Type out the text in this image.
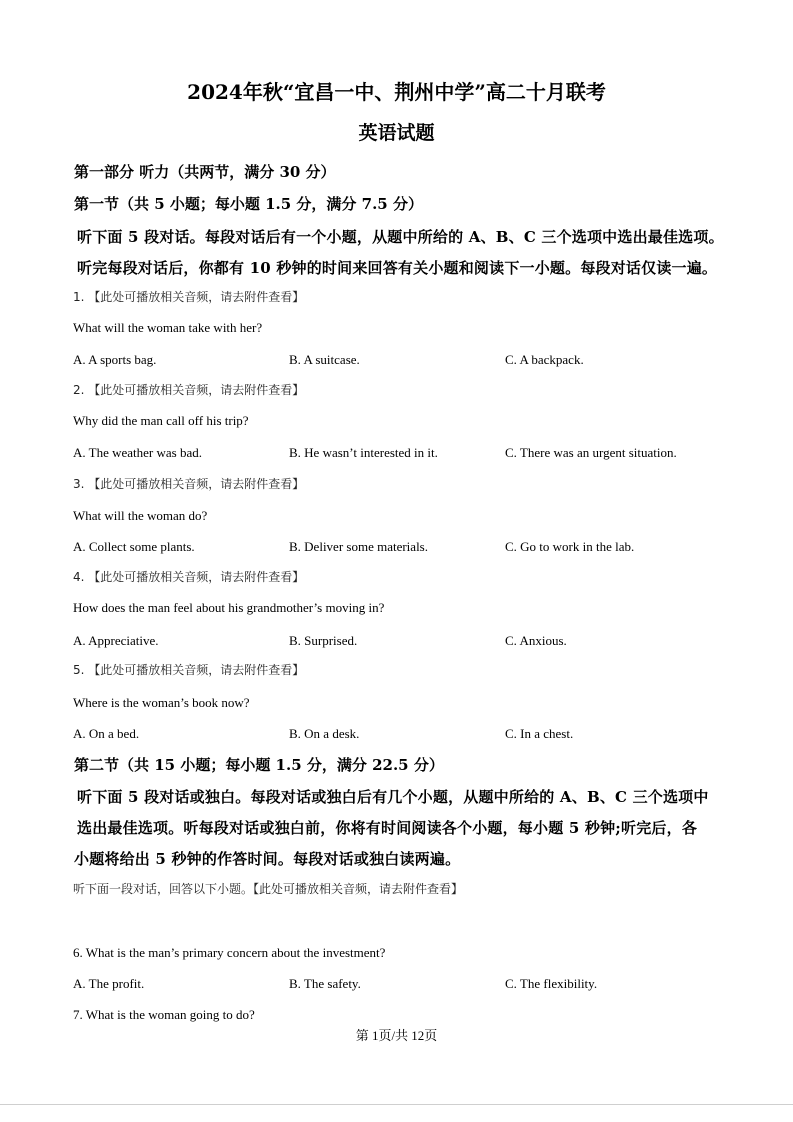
2024年秋“宜昌一中、荆州中学”高二十月联考
英语试题
第一部分 听力（共两节，满分 30 分）
第一节（共 5 小题；每小题 1.5 分，满分 7.5 分）
听下面 5 段对话。每段对话后有一个小题，从题中所给的 A、B、C 三个选项中选出最佳选项。
听完每段对话后，你都有 10 秒钟的时间来回答有关小题和阅读下一小题。每段对话仅读一遍。
1. 【此处可播放相关音频，请去附件查看】
What will the woman take with her?
A. A sports bag.	B. A suitcase.	C. A backpack.
2. 【此处可播放相关音频，请去附件查看】
Why did the man call off his trip?
A. The weather was bad.	B. He wasn’t interested in it.	C. There was an urgent situation.
3. 【此处可播放相关音频，请去附件查看】
What will the woman do?
A. Collect some plants.	B. Deliver some materials.	C. Go to work in the lab.
4. 【此处可播放相关音频，请去附件查看】
How does the man feel about his grandmother’s moving in?
A. Appreciative.	B. Surprised.	C. Anxious.
5. 【此处可播放相关音频，请去附件查看】
Where is the woman’s book now?
A. On a bed.	B. On a desk.	C. In a chest.
第二节（共 15 小题；每小题 1.5 分，满分 22.5 分）
听下面 5 段对话或独白。每段对话或独白后有几个小题，从题中所给的 A、B、C 三个选项中
选出最佳选项。听每段对话或独白前，你将有时间阅读各个小题，每小题 5 秒钟;听完后，各
小题将给出 5 秒钟的作答时间。每段对话或独白读两遍。
听下面一段对话，回答以下小题。【此处可播放相关音频，请去附件查看】
6. What is the man’s primary concern about the investment?
A. The profit.	B. The safety.	C. The flexibility.
7. What is the woman going to do?
第 1页/共 12页
